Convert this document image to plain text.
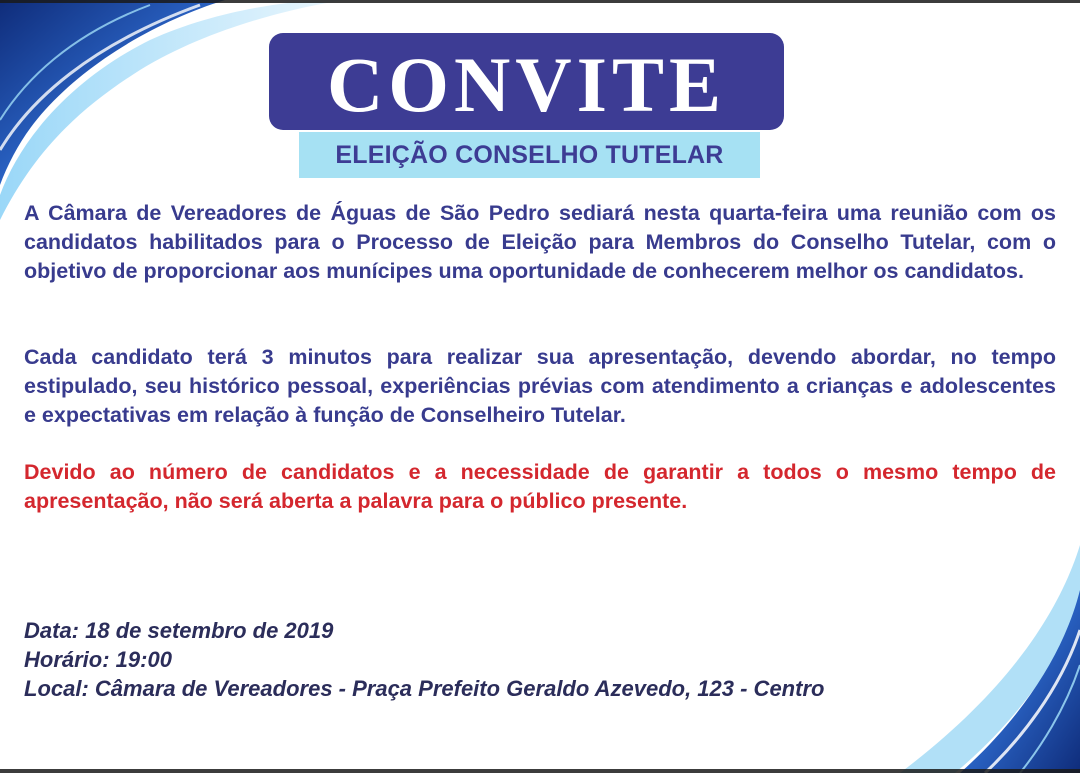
CONVITE
ELEIÇÃO CONSELHO TUTELAR

A Câmara de Vereadores de Águas de São Pedro sediará nesta quarta-feira uma reunião com os candidatos habilitados para o Processo de Eleição para Membros do Conselho Tutelar, com o objetivo de proporcionar aos munícipes uma oportunidade de conhecerem melhor os candidatos.

Cada candidato terá 3 minutos para realizar sua apresentação, devendo abordar, no tempo estipulado, seu histórico pessoal, experiências prévias com atendimento a crianças e adolescentes e expectativas em relação à função de Conselheiro Tutelar.

Devido ao número de candidatos e a necessidade de garantir a todos o mesmo tempo de apresentação, não será aberta a palavra para o público presente.

Data: 18 de setembro de 2019
Horário: 19:00
Local: Câmara de Vereadores - Praça Prefeito Geraldo Azevedo, 123 - Centro
